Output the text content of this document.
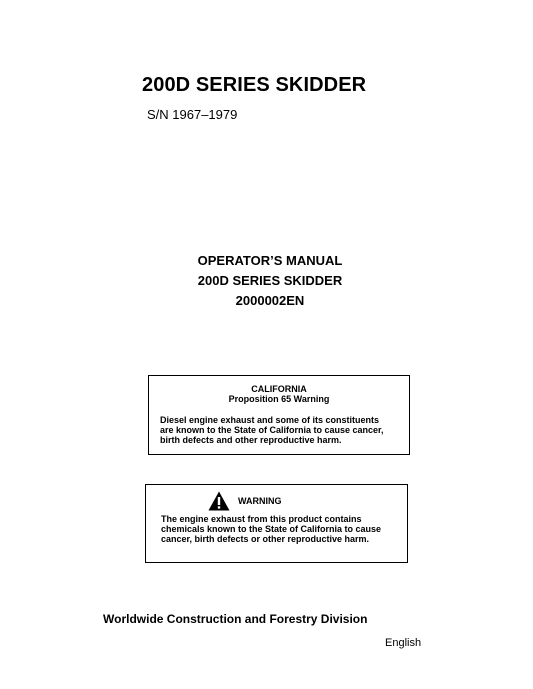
200D SERIES SKIDDER
S/N 1967–1979
OPERATOR’S MANUAL
200D SERIES SKIDDER
2000002EN
CALIFORNIA
Proposition 65 Warning
Diesel engine exhaust and some of its constituents
are known to the State of California to cause cancer,
birth defects and other reproductive harm.
WARNING
The engine exhaust from this product contains
chemicals known to the State of California to cause
cancer, birth defects or other reproductive harm.
Worldwide Construction and Forestry Division
English
